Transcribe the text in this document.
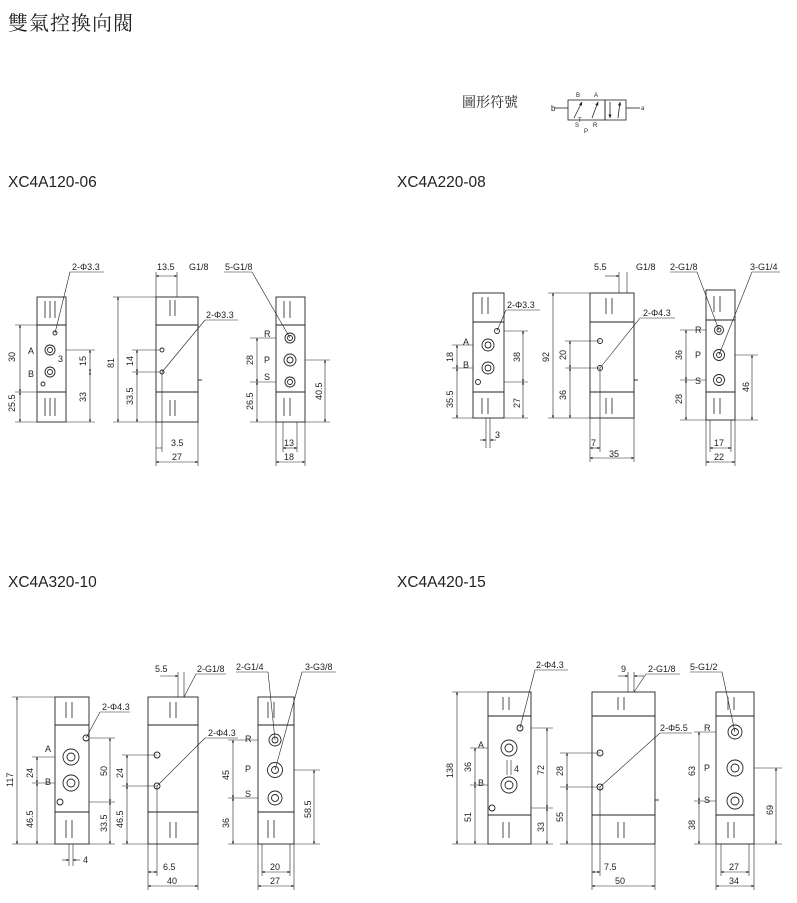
雙氣控換向閥
XC4A120-06	XC4A220-08
XC4A320-10	XC4A420-15
圖形符號	b	a
B A
S
P
R
T
2-Φ3.3
A
B
3
30
25.5
15
33
13.5 G1/8
2-Φ3.3
81 14
33.5
3.5
27
5-G1/8
R
P
S
28
26.5
40.5
13
18
2-Φ3.3
A
B
18
35.5
38
27
3
5.5	G1/8
2-Φ4.3
92 20
36
7
35
2-G1/8	3-G1/4
R
P
S
36
28
46
17
22
2-Φ4.3
A
B
117 24
46.5
50
33.5
4
5.5	2-G1/8
2-Φ4.3
24
46.5
6.5
40
2-G1/4	3-G3/8
R
P
S
45
36
58.5
20
27
2-Φ4.3
A
B
138 36
51
4 72
33
9 2-G1/8
2-Φ5.5
28
55
7.5
50
5-G1/2
R
P
S
63
38
69
27
34
